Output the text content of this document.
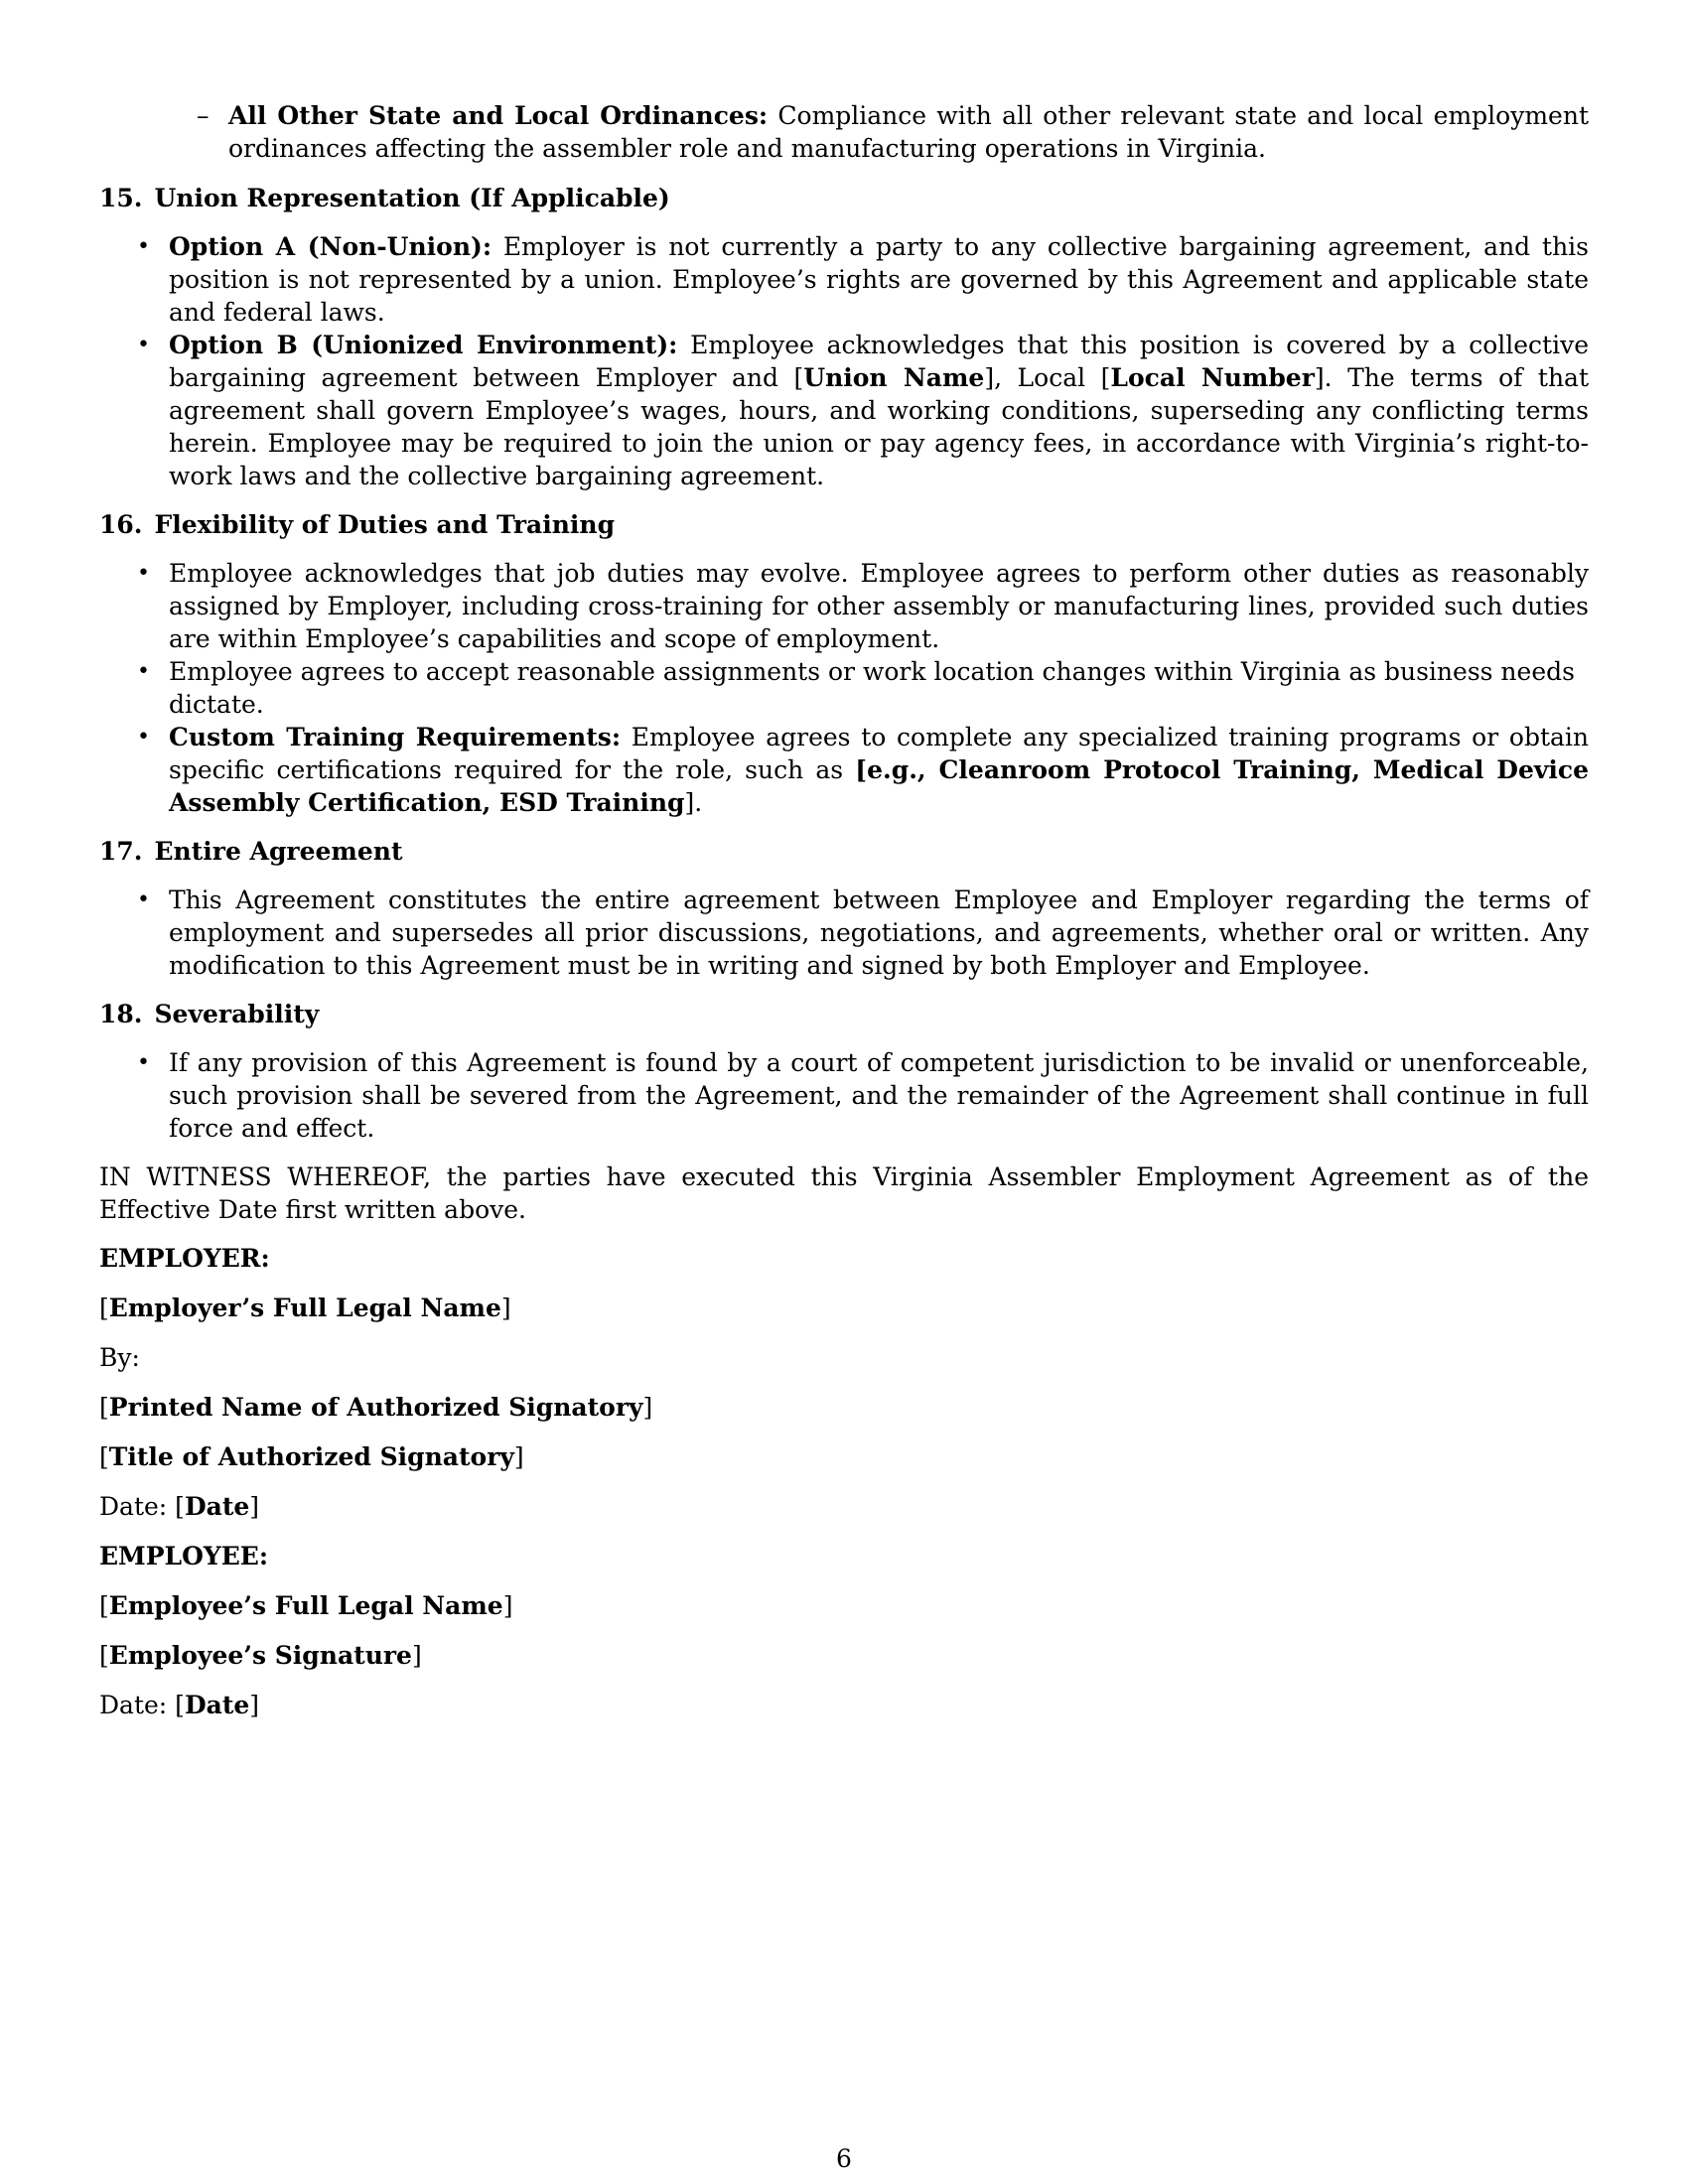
– All Other State and Local Ordinances: Compliance with all other relevant state and local employment ordinances affecting the assembler role and manufacturing operations in Virginia.

15. Union Representation (If Applicable)

• Option A (Non-Union): Employer is not currently a party to any collective bargaining agreement, and this position is not represented by a union. Employee’s rights are governed by this Agreement and applicable state and federal laws.
• Option B (Unionized Environment): Employee acknowledges that this position is covered by a collective bargaining agreement between Employer and [Union Name], Local [Local Number]. The terms of that agreement shall govern Employee’s wages, hours, and working conditions, superseding any conflicting terms herein. Employee may be required to join the union or pay agency fees, in accordance with Virginia’s right-to-work laws and the collective bargaining agreement.

16. Flexibility of Duties and Training

• Employee acknowledges that job duties may evolve. Employee agrees to perform other duties as reasonably assigned by Employer, including cross-training for other assembly or manufacturing lines, provided such duties are within Employee’s capabilities and scope of employment.
• Employee agrees to accept reasonable assignments or work location changes within Virginia as business needs dictate.
• Custom Training Requirements: Employee agrees to complete any specialized training programs or obtain specific certifications required for the role, such as [e.g., Cleanroom Protocol Training, Medical Device Assembly Certification, ESD Training].

17. Entire Agreement

• This Agreement constitutes the entire agreement between Employee and Employer regarding the terms of employment and supersedes all prior discussions, negotiations, and agreements, whether oral or written. Any modification to this Agreement must be in writing and signed by both Employer and Employee.

18. Severability

• If any provision of this Agreement is found by a court of competent jurisdiction to be invalid or unenforceable, such provision shall be severed from the Agreement, and the remainder of the Agreement shall continue in full force and effect.

IN WITNESS WHEREOF, the parties have executed this Virginia Assembler Employment Agreement as of the Effective Date first written above.

EMPLOYER:

[Employer’s Full Legal Name]

By:

[Printed Name of Authorized Signatory]

[Title of Authorized Signatory]

Date: [Date]

EMPLOYEE:

[Employee’s Full Legal Name]

[Employee’s Signature]

Date: [Date]

6
